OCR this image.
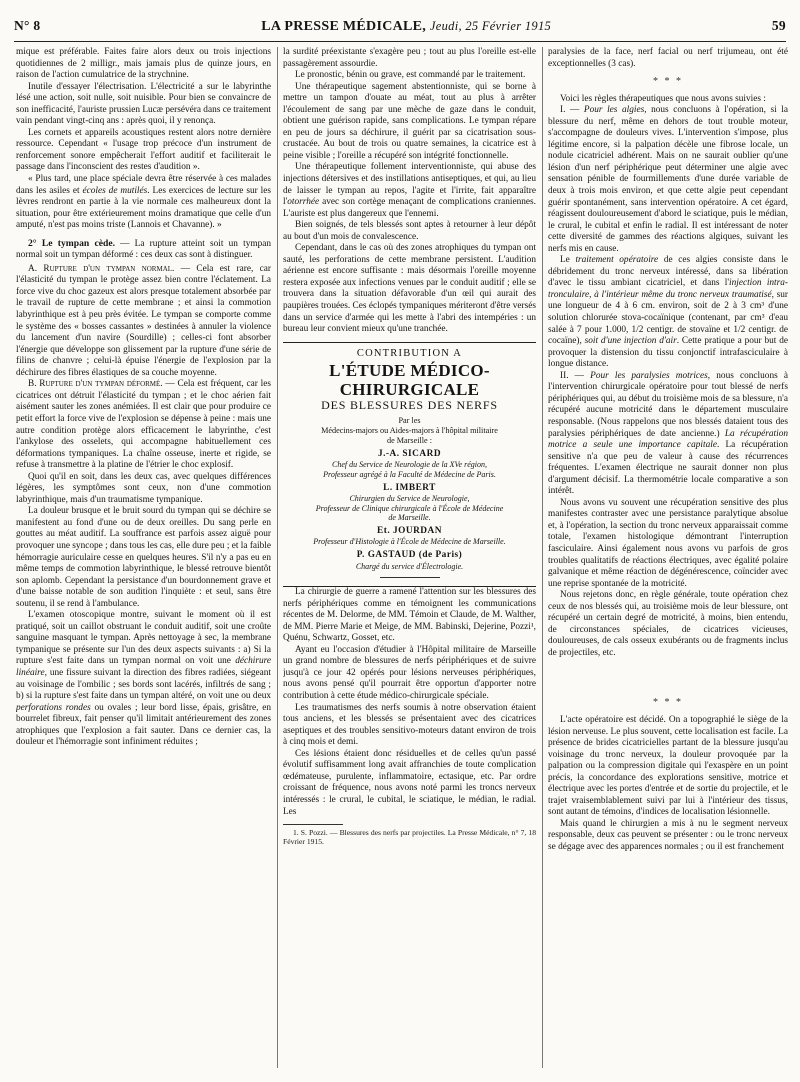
N° 8	LA PRESSE MÉDICALE, Jeudi, 25 Février 1915	59

mique est préférable. Faites faire alors deux ou trois injections quotidiennes de 2 milligr., mais jamais plus de quinze jours, en raison de l'action cumulatrice de la strychnine.

Inutile d'essayer l'électrisation. L'électricité a sur le labyrinthe lésé une action, soit nulle, soit nuisible. Pour bien se convaincre de son inefficacité, l'auriste prussien Lucæ persévéra dans ce traitement vain pendant vingt-cinq ans : après quoi, il y renonça.

Les cornets et appareils acoustiques restent alors notre dernière ressource. Cependant « l'usage trop précoce d'un instrument de renforcement sonore empêcherait l'effort auditif et faciliterait le passage dans l'inconscient des restes d'audition ».

« Plus tard, une place spéciale devra être réservée à ces malades dans les asiles et écoles de mutilés. Les exercices de lecture sur les lèvres rendront en partie à la vie normale ces malheureux dont la situation, pour être extérieurement moins dramatique que celle d'un amputé, n'est pas moins triste (Lannois et Chavanne). »

2° Le tympan cède. — La rupture atteint soit un tympan normal soit un tympan déformé : ces deux cas sont à distinguer.

A. Rupture d'un tympan normal. — Cela est rare, car l'élasticité du tympan le protège assez bien contre l'éclatement. La force vive du choc gazeux est alors presque totalement absorbée par le travail de rupture de cette membrane ; et ainsi la commotion labyrinthique est à peu près évitée. Le tympan se comporte comme le système des « bosses cassantes » destinées à annuler la violence du lancement d'un navire (Sourdille) ; celles-ci font absorber l'énergie que développe son glissement par la rupture d'une série de filins de chanvre ; celui-là épuise l'énergie de l'explosion par la déchirure des fibres élastiques de sa couche moyenne.

B. Rupture d'un tympan déformé. — Cela est fréquent, car les cicatrices ont détruit l'élasticité du tympan ; et le choc aérien fait aisément sauter les zones anémiées. Il est clair que pour produire ce petit effort la force vive de l'explosion se dépense à peine : mais une autre condition protège alors efficacement le labyrinthe, c'est l'ankylose des osselets, qui accompagne habituellement ces déformations tympaniques. La chaîne osseuse, inerte et rigide, se refuse à transmettre à la platine de l'étrier le choc explosif.

Quoi qu'il en soit, dans les deux cas, avec quelques différences légères, les symptômes sont ceux, non d'une commotion labyrinthique, mais d'un traumatisme tympanique.

La douleur brusque et le bruit sourd du tympan qui se déchire se manifestent au fond d'une ou de deux oreilles. Du sang perle en gouttes au méat auditif. La souffrance est parfois assez aiguë pour provoquer une syncope ; dans tous les cas, elle dure peu ; et la faible hémorragie auriculaire cesse en quelques heures. S'il n'y a pas eu en même temps de commotion labyrinthique, le blessé retrouve bientôt son aplomb. Cependant la persistance d'un bourdonnement grave et d'une baisse notable de son audition l'inquiète : et seul, sans être soutenu, il se rend à l'ambulance.

L'examen otoscopique montre, suivant le moment où il est pratiqué, soit un caillot obstruant le conduit auditif, soit une croûte sanguine masquant le tympan. Après nettoyage à sec, la membrane tympanique se présente sur l'un des deux aspects suivants : a) Si la rupture s'est faite dans un tympan normal on voit une déchirure linéaire, une fissure suivant la direction des fibres radiées, siégeant au voisinage de l'ombilic ; ses bords sont lacérés, infiltrés de sang ; b) si la rupture s'est faite dans un tympan altéré, on voit une ou deux perforations rondes ou ovales ; leur bord lisse, épais, grisâtre, en bourrelet fibreux, fait penser qu'il limitait antérieurement des zones atrophiques que l'explosion a fait sauter. Dans ce dernier cas, la douleur et l'hémorragie sont infiniment réduites ;

la surdité préexistante s'exagère peu ; tout au plus l'oreille est-elle passagèrement assourdie.

Le pronostic, bénin ou grave, est commandé par le traitement.

Une thérapeutique sagement abstentionniste, qui se borne à mettre un tampon d'ouate au méat, tout au plus à arrêter l'écoulement de sang par une mèche de gaze dans le conduit, obtient une guérison rapide, sans complications. Le tympan répare en peu de jours sa déchirure, il guérit par sa cicatrisation sous-crustacée. Au bout de trois ou quatre semaines, la cicatrice est à peine visible ; l'oreille a récupéré son intégrité fonctionnelle.

Une thérapeutique follement interventionniste, qui abuse des injections détersives et des instillations antiseptiques, et qui, au lieu de laisser le tympan au repos, l'agite et l'irrite, fait apparaître l'otorrhée avec son cortège menaçant de complications craniennes. L'auriste est plus dangereux que l'ennemi.

Bien soignés, de tels blessés sont aptes à retourner à leur dépôt au bout d'un mois de convalescence.

Cependant, dans le cas où des zones atrophiques du tympan ont sauté, les perforations de cette membrane persistent. L'audition aérienne est encore suffisante : mais désormais l'oreille moyenne restera exposée aux infections venues par le conduit auditif ; elle se trouvera dans la situation défavorable d'un œil qui aurait des paupières trouées. Ces éclopés tympaniques mériteront d'être versés dans un service d'armée qui les mette à l'abri des intempéries : un bureau leur convient mieux qu'une tranchée.

CONTRIBUTION A
L'ÉTUDE MÉDICO-CHIRURGICALE
DES BLESSURES DES NERFS
Par les
Médecins-majors ou Aides-majors à l'hôpital militaire
de Marseille :
J.-A. SICARD
Chef du Service de Neurologie de la XVe région,
Professeur agrégé à la Faculté de Médecine de Paris.
L. IMBERT
Chirurgien du Service de Neurologie,
Professeur de Clinique chirurgicale à l'École de Médecine
de Marseille.
Et. JOURDAN
Professeur d'Histologie à l'École de Médecine de Marseille.
P. GASTAUD (de Paris)
Chargé du service d'Électrologie.

La chirurgie de guerre a ramené l'attention sur les blessures des nerfs périphériques comme en témoignent les communications récentes de M. Delorme, de MM. Témoin et Claude, de M. Walther, de MM. Pierre Marie et Meige, de MM. Babinski, Dejerine, Pozzi¹, Quénu, Schwartz, Gosset, etc.

Ayant eu l'occasion d'étudier à l'Hôpital militaire de Marseille un grand nombre de blessures de nerfs périphériques et de suivre jusqu'à ce jour 42 opérés pour lésions nerveuses périphériques, nous avons pensé qu'il pourrait être opportun d'apporter notre contribution à cette étude médico-chirurgicale spéciale.

Les traumatismes des nerfs soumis à notre observation étaient tous anciens, et les blessés se présentaient avec des cicatrices aseptiques et des troubles sensitivo-moteurs datant environ de trois à cinq mois et demi.

Ces lésions étaient donc résiduelles et de celles qu'un passé évolutif suffisamment long avait affranchies de toute complication œdémateuse, purulente, inflammatoire, ectasique, etc. Par ordre croissant de fréquence, nous avons noté parmi les troncs nerveux intéressés : le crural, le cubital, le sciatique, le médian, le radial. Les

1. S. Pozzi. — Blessures des nerfs par projectiles. La Presse Médicale, n° 7, 18 Février 1915.

paralysies de la face, nerf facial ou nerf trijumeau, ont été exceptionnelles (3 cas).

* * *

Voici les règles thérapeutiques que nous avons suivies :

I. — Pour les algies, nous concluons à l'opération, si la blessure du nerf, même en dehors de tout trouble moteur, s'accompagne de douleurs vives. L'intervention s'impose, plus légitime encore, si la palpation décèle une fibrose locale, un nodule cicatriciel adhérent. Mais on ne saurait oublier qu'une lésion d'un nerf périphérique peut déterminer une algie avec sensation pénible de fourmillements d'une durée variable de deux à trois mois environ, et que cette algie peut cependant guérir spontanément, sans intervention opératoire. A cet égard, réagissent douloureusement d'abord le sciatique, puis le médian, le crural, le cubital et enfin le radial. Il est intéressant de noter cette diversité de gammes des réactions algiques, suivant les nerfs mis en cause.

Le traitement opératoire de ces algies consiste dans le débridement du tronc nerveux intéressé, dans sa libération d'avec le tissu ambiant cicatriciel, et dans l'injection intra-tronculaire, à l'intérieur même du tronc nerveux traumatisé, sur une longueur de 4 à 6 cm. environ, soit de 2 à 3 cm³ d'une solution chlorurée stova-cocaïnique (contenant, par cm³ d'eau salée à 7 pour 1.000, 1/2 centigr. de stovaïne et 1/2 centigr. de cocaïne), soit d'une injection d'air. Cette pratique a pour but de provoquer la distension du tissu conjonctif intrafasciculaire à longue distance.

II. — Pour les paralysies motrices, nous concluons à l'intervention chirurgicale opératoire pour tout blessé de nerfs périphériques qui, au début du troisième mois de sa blessure, n'a récupéré aucune motricité dans le département musculaire responsable. (Nous rappelons que nos blessés dataient tous des paralysies périphériques de date ancienne.) La récupération motrice a seule une importance capitale. La récupération sensitive n'a que peu de valeur à cause des récurrences fréquentes. L'examen électrique ne saurait donner non plus d'argument décisif. La thermométrie locale comparative a son intérêt.

Nous avons vu souvent une récupération sensitive des plus manifestes contraster avec une persistance paralytique absolue et, à l'opération, la section du tronc nerveux apparaissait comme totale, l'examen histologique démontrant l'interruption fasciculaire. Ainsi également nous avons vu parfois de gros troubles qualitatifs de réactions électriques, avec égalité polaire galvanique et même réaction de dégénérescence, coïncider avec une reprise spontanée de la motricité.

Nous rejetons donc, en règle générale, toute opération chez ceux de nos blessés qui, au troisième mois de leur blessure, ont récupéré un certain degré de motricité, à moins, bien entendu, de circonstances spéciales, de cicatrices vicieuses, douloureuses, de cals osseux exubérants ou de fragments inclus de projectiles, etc.

* * *

L'acte opératoire est décidé. On a topographié le siège de la lésion nerveuse. Le plus souvent, cette localisation est facile. La présence de brides cicatricielles partant de la blessure jusqu'au voisinage du tronc nerveux, la douleur provoquée par la palpation ou la compression digitale qui l'exaspère en un point précis, la concordance des explorations sensitive, motrice et électrique avec les portes d'entrée et de sortie du projectile, et le trajet vraisemblablement suivi par lui à l'intérieur des tissus, sont autant de témoins, d'indices de localisation lésionnelle.

Mais quand le chirurgien a mis à nu le segment nerveux responsable, deux cas peuvent se présenter : ou le tronc nerveux se dégage avec des apparences normales ; ou il est franchement
